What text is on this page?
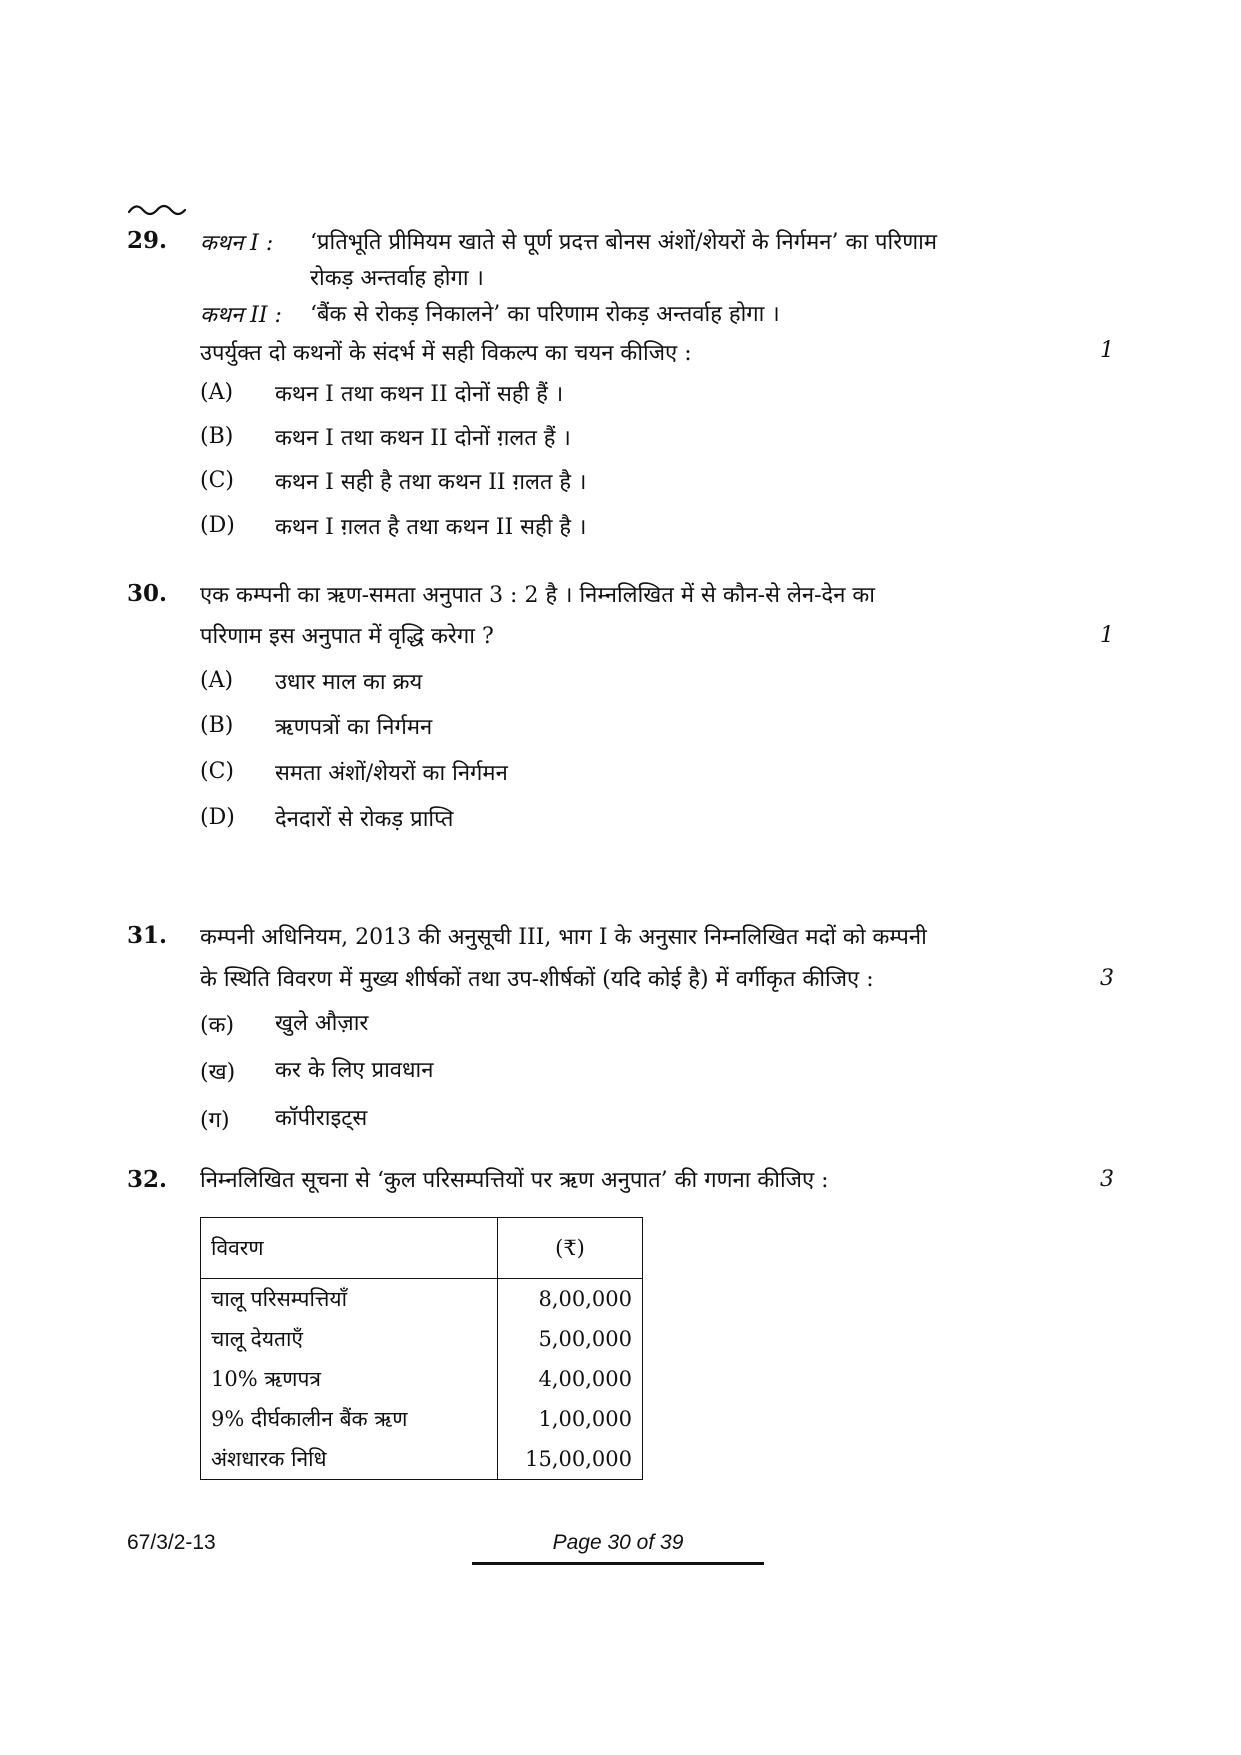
29. कथन I : ‘प्रतिभूति प्रीमियम खाते से पूर्ण प्रदत्त बोनस अंशों/शेयरों के निर्गमन’ का परिणाम
रोकड़ अन्तर्वाह होगा ।
कथन II : ‘बैंक से रोकड़ निकालने’ का परिणाम रोकड़ अन्तर्वाह होगा ।
उपर्युक्त दो कथनों के संदर्भ में सही विकल्प का चयन कीजिए :	1
(A) कथन I तथा कथन II दोनों सही हैं ।
(B) कथन I तथा कथन II दोनों ग़लत हैं ।
(C) कथन I सही है तथा कथन II ग़लत है ।
(D) कथन I ग़लत है तथा कथन II सही है ।
30. एक कम्पनी का ऋण-समता अनुपात 3 : 2 है । निम्नलिखित में से कौन-से लेन-देन का
परिणाम इस अनुपात में वृद्धि करेगा ?	1
(A) उधार माल का क्रय
(B) ऋणपत्रों का निर्गमन
(C) समता अंशों/शेयरों का निर्गमन
(D) देनदारों से रोकड़ प्राप्ति
31. कम्पनी अधिनियम, 2013 की अनुसूची III, भाग I के अनुसार निम्नलिखित मदों को कम्पनी
के स्थिति विवरण में मुख्य शीर्षकों तथा उप-शीर्षकों (यदि कोई है) में वर्गीकृत कीजिए :	3
(क) खुले औज़ार
(ख) कर के लिए प्रावधान
(ग) कॉपीराइट्स
32. निम्नलिखित सूचना से ‘कुल परिसम्पत्तियों पर ऋण अनुपात’ की गणना कीजिए :	3
विवरण	(₹)
चालू परिसम्पत्तियाँ	8,00,000
चालू देयताएँ	5,00,000
10% ऋणपत्र	4,00,000
9% दीर्घकालीन बैंक ऋण	1,00,000
अंशधारक निधि	15,00,000
67/3/2-13	Page 30 of 39
